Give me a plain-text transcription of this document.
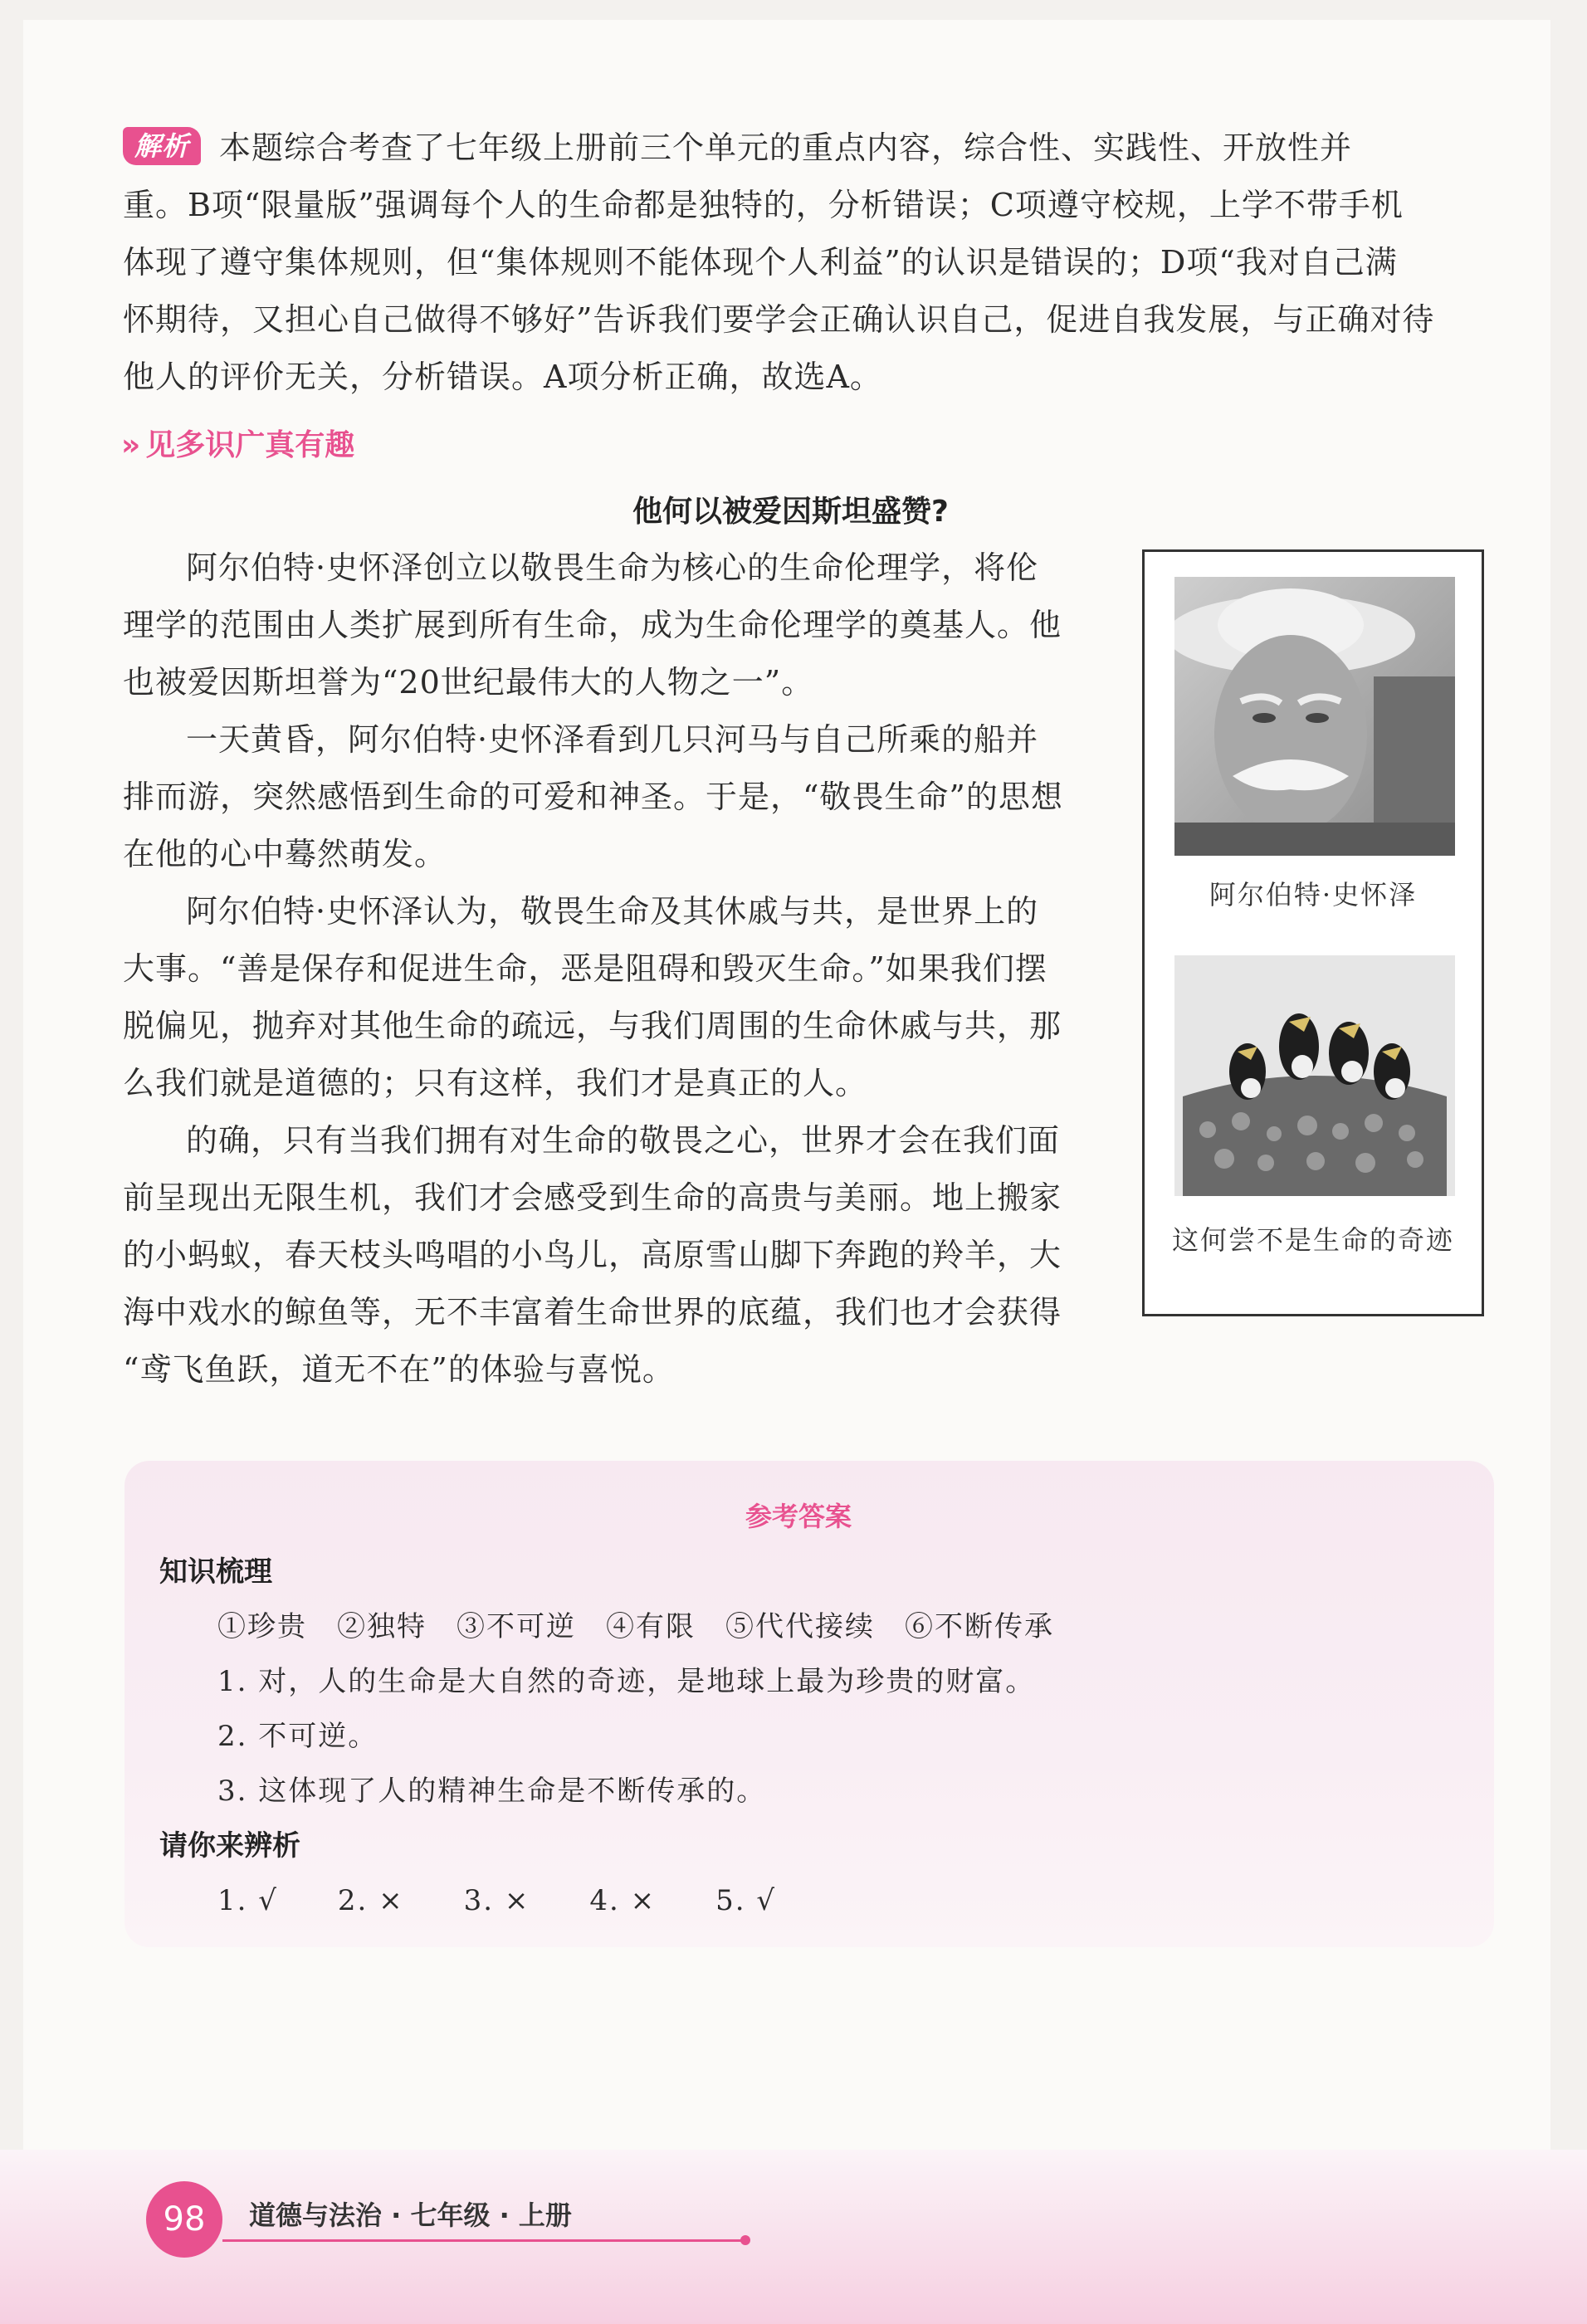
解析 本题综合考查了七年级上册前三个单元的重点内容，综合性、实践性、开放性并
重。B项“限量版”强调每个人的生命都是独特的，分析错误；C项遵守校规，上学不带手机
体现了遵守集体规则，但“集体规则不能体现个人利益”的认识是错误的；D项“我对自己满
怀期待，又担心自己做得不够好”告诉我们要学会正确认识自己，促进自我发展，与正确对待
他人的评价无关，分析错误。A项分析正确，故选A。
» 见多识广真有趣
他何以被爱因斯坦盛赞?

阿尔伯特·史怀泽创立以敬畏生命为核心的生命伦理学，将伦

理学的范围由人类扩展到所有生命，成为生命伦理学的奠基人。他

也被爱因斯坦誉为“20世纪最伟大的人物之一”。

一天黄昏，阿尔伯特·史怀泽看到几只河马与自己所乘的船并

排而游，突然感悟到生命的可爱和神圣。于是，“敬畏生命”的思想

在他的心中蓦然萌发。

阿尔伯特·史怀泽认为，敬畏生命及其休戚与共，是世界上的

大事。“善是保存和促进生命，恶是阻碍和毁灭生命。”如果我们摆

脱偏见，抛弃对其他生命的疏远，与我们周围的生命休戚与共，那

么我们就是道德的；只有这样，我们才是真正的人。

的确，只有当我们拥有对生命的敬畏之心，世界才会在我们面

前呈现出无限生机，我们才会感受到生命的高贵与美丽。地上搬家

的小蚂蚁，春天枝头鸣唱的小鸟儿，高原雪山脚下奔跑的羚羊，大

海中戏水的鲸鱼等，无不丰富着生命世界的底蕴，我们也才会获得

“鸢飞鱼跃，道无不在”的体验与喜悦。

阿尔伯特·史怀泽
这何尝不是生命的奇迹
参考答案
知识梳理
①珍贵　②独特　③不可逆　④有限　⑤代代接续　⑥不断传承
1. 对，人的生命是大自然的奇迹，是地球上最为珍贵的财富。
2. 不可逆。
3. 这体现了人的精神生命是不断传承的。
请你来辨析
1. √　　2. ×　　3. ×　　4. ×　　5. √
98	道德与法治 · 七年级 · 上册
